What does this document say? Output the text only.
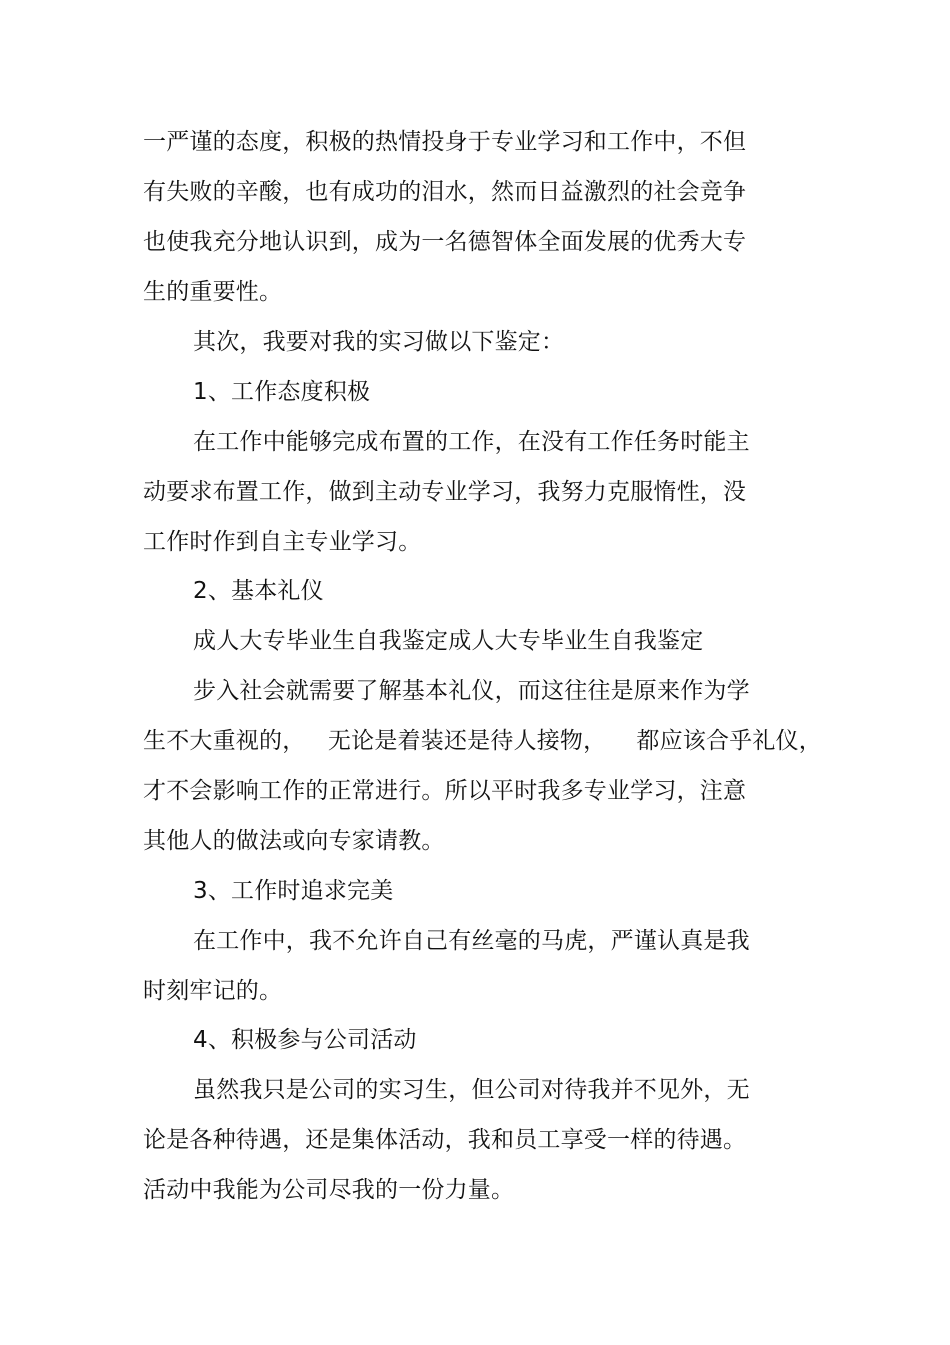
一严谨的态度，积极的热情投身于专业学习和工作中，不但
有失败的辛酸，也有成功的泪水，然而日益激烈的社会竞争
也使我充分地认识到，成为一名德智体全面发展的优秀大专
生的重要性。
其次，我要对我的实习做以下鉴定：
1、工作态度积极
在工作中能够完成布置的工作，在没有工作任务时能主
动要求布置工作，做到主动专业学习，我努力克服惰性，没
工作时作到自主专业学习。
2、基本礼仪
成人大专毕业生自我鉴定成人大专毕业生自我鉴定
步入社会就需要了解基本礼仪，而这往往是原来作为学
生不大重视的，   无论是着装还是待人接物，    都应该合乎礼仪，
才不会影响工作的正常进行。所以平时我多专业学习，注意
其他人的做法或向专家请教。
3、工作时追求完美
在工作中，我不允许自己有丝毫的马虎，严谨认真是我
时刻牢记的。
4、积极参与公司活动
虽然我只是公司的实习生，但公司对待我并不见外，无
论是各种待遇，还是集体活动，我和员工享受一样的待遇。
活动中我能为公司尽我的一份力量。
